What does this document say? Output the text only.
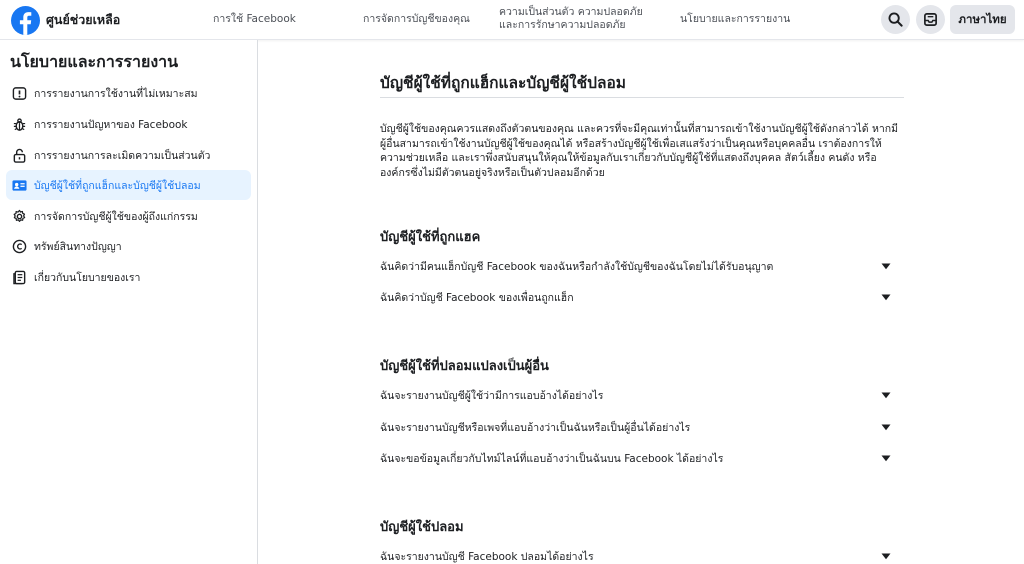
ศูนย์ช่วยเหลือ	การใช้ Facebook	การจัดการบัญชีของคุณ
ความเป็นส่วนตัว ความปลอดภัย และการรักษาความปลอดภัย	นโยบายและการรายงาน	ภาษาไทย
นโยบายและการรายงาน
การรายงานการใช้งานที่ไม่เหมาะสม
การรายงานปัญหาของ Facebook
การรายงานการละเมิดความเป็นส่วนตัว
บัญชีผู้ใช้ที่ถูกแฮ็กและบัญชีผู้ใช้ปลอม
การจัดการบัญชีผู้ใช้ของผู้ถึงแก่กรรม
ทรัพย์สินทางปัญญา
เกี่ยวกับนโยบายของเรา
บัญชีผู้ใช้ที่ถูกแฮ็กและบัญชีผู้ใช้ปลอม

บัญชีผู้ใช้ของคุณควรแสดงถึงตัวตนของคุณ และควรที่จะมีคุณเท่านั้นที่สามารถเข้าใช้งานบัญชีผู้ใช้ดังกล่าวได้ หากมีผู้อื่นสามารถเข้าใช้งานบัญชีผู้ใช้ของคุณได้ หรือสร้างบัญชีผู้ใช้เพื่อเสแสร้งว่าเป็นคุณหรือบุคคลอื่น เราต้องการให้ความช่วยเหลือ และเราพึ่งสนับสนุนให้คุณให้ข้อมูลกับเราเกี่ยวกับบัญชีผู้ใช้ที่แสดงถึงบุคคล สัตว์เลี้ยง คนดัง หรือองค์กรซึ่งไม่มีตัวตนอยู่จริงหรือเป็นตัวปลอมอีกด้วย

บัญชีผู้ใช้ที่ถูกแฮค
ฉันคิดว่ามีคนแฮ็กบัญชี Facebook ของฉันหรือกำลังใช้บัญชีของฉันโดยไม่ได้รับอนุญาต
ฉันคิดว่าบัญชี Facebook ของเพื่อนถูกแฮ็ก
บัญชีผู้ใช้ที่ปลอมแปลงเป็นผู้อื่น
ฉันจะรายงานบัญชีผู้ใช้ว่ามีการแอบอ้างได้อย่างไร
ฉันจะรายงานบัญชีหรือเพจที่แอบอ้างว่าเป็นฉันหรือเป็นผู้อื่นได้อย่างไร
ฉันจะขอข้อมูลเกี่ยวกับไทม์ไลน์ที่แอบอ้างว่าเป็นฉันบน Facebook ได้อย่างไร
บัญชีผู้ใช้ปลอม
ฉันจะรายงานบัญชี Facebook ปลอมได้อย่างไร
